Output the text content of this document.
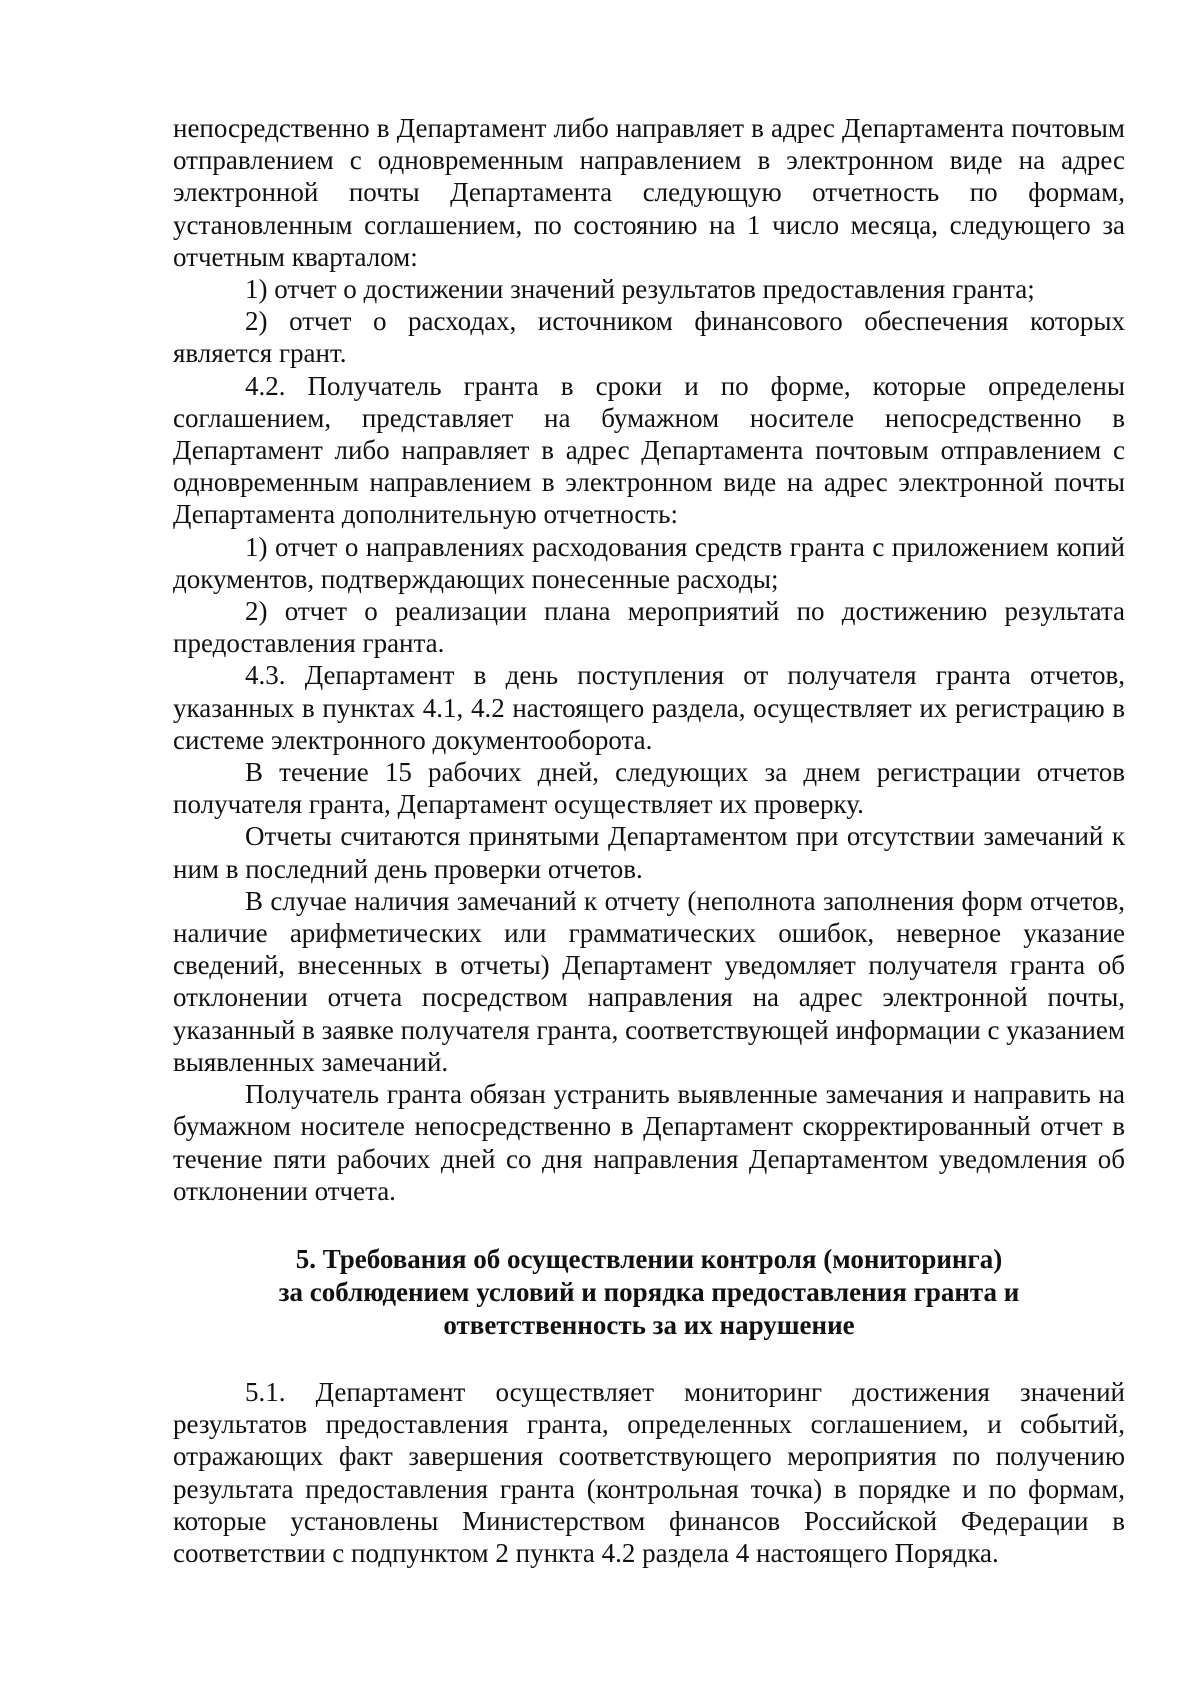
непосредственно в Департамент либо направляет в адрес Департамента почтовым отправлением с одновременным направлением в электронном виде на адрес электронной почты Департамента следующую отчетность по формам, установленным соглашением, по состоянию на 1 число месяца, следующего за отчетным кварталом:

1) отчет о достижении значений результатов предоставления гранта;

2) отчет о расходах, источником финансового обеспечения которых является грант.

4.2. Получатель гранта в сроки и по форме, которые определены соглашением, представляет на бумажном носителе непосредственно в Департамент либо направляет в адрес Департамента почтовым отправлением с одновременным направлением в электронном виде на адрес электронной почты Департамента дополнительную отчетность:

1) отчет о направлениях расходования средств гранта с приложением копий документов, подтверждающих понесенные расходы;

2) отчет о реализации плана мероприятий по достижению результата предоставления гранта.

4.3. Департамент в день поступления от получателя гранта отчетов, указанных в пунктах 4.1, 4.2 настоящего раздела, осуществляет их регистрацию в системе электронного документооборота.

В течение 15 рабочих дней, следующих за днем регистрации отчетов получателя гранта, Департамент осуществляет их проверку.

Отчеты считаются принятыми Департаментом при отсутствии замечаний к ним в последний день проверки отчетов.

В случае наличия замечаний к отчету (неполнота заполнения форм отчетов, наличие арифметических или грамматических ошибок, неверное указание сведений, внесенных в отчеты) Департамент уведомляет получателя гранта об отклонении отчета посредством направления на адрес электронной почты, указанный в заявке получателя гранта, соответствующей информации с указанием выявленных замечаний.

Получатель гранта обязан устранить выявленные замечания и направить на бумажном носителе непосредственно в Департамент скорректированный отчет в течение пяти рабочих дней со дня направления Департаментом уведомления об отклонении отчета.

5. Требования об осуществлении контроля (мониторинга)
за соблюдением условий и порядка предоставления гранта и
ответственность за их нарушение

5.1. Департамент осуществляет мониторинг достижения значений результатов предоставления гранта, определенных соглашением, и событий, отражающих факт завершения соответствующего мероприятия по получению результата предоставления гранта (контрольная точка) в порядке и по формам, которые установлены Министерством финансов Российской Федерации в соответствии с подпунктом 2 пункта 4.2 раздела 4 настоящего Порядка.
